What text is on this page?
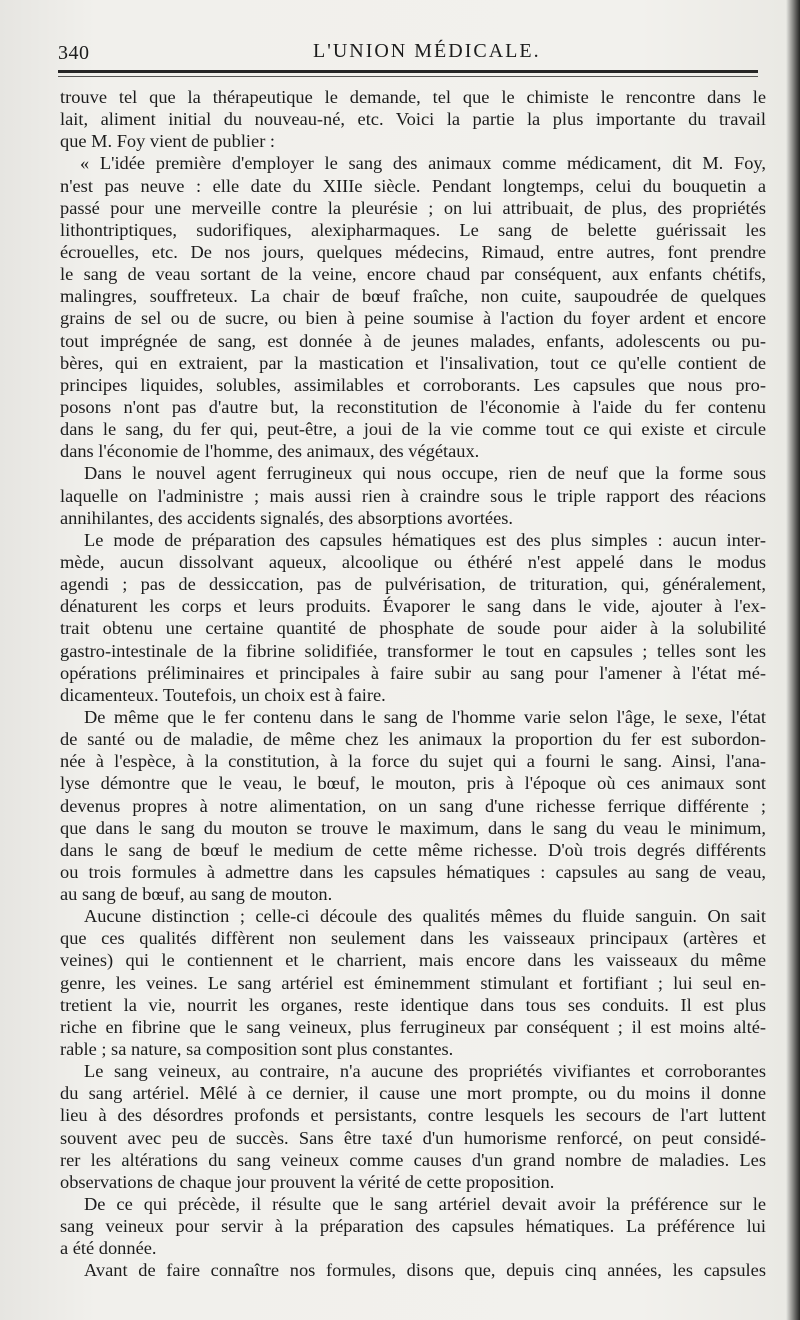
340	L'UNION MÉDICALE.
trouve tel que la thérapeutique le demande, tel que le chimiste le rencontre dans le
lait, aliment initial du nouveau-né, etc. Voici la partie la plus importante du travail
que M. Foy vient de publier :
« L'idée première d'employer le sang des animaux comme médicament, dit M. Foy,
n'est pas neuve : elle date du XIIIe siècle. Pendant longtemps, celui du bouquetin a
passé pour une merveille contre la pleurésie ; on lui attribuait, de plus, des propriétés
lithontriptiques, sudorifiques, alexipharmaques. Le sang de belette guérissait les
écrouelles, etc. De nos jours, quelques médecins, Rimaud, entre autres, font prendre
le sang de veau sortant de la veine, encore chaud par conséquent, aux enfants chétifs,
malingres, souffreteux. La chair de bœuf fraîche, non cuite, saupoudrée de quelques
grains de sel ou de sucre, ou bien à peine soumise à l'action du foyer ardent et encore
tout imprégnée de sang, est donnée à de jeunes malades, enfants, adolescents ou pu-
bères, qui en extraient, par la mastication et l'insalivation, tout ce qu'elle contient de
principes liquides, solubles, assimilables et corroborants. Les capsules que nous pro-
posons n'ont pas d'autre but, la reconstitution de l'économie à l'aide du fer contenu
dans le sang, du fer qui, peut-être, a joui de la vie comme tout ce qui existe et circule
dans l'économie de l'homme, des animaux, des végétaux.
Dans le nouvel agent ferrugineux qui nous occupe, rien de neuf que la forme sous
laquelle on l'administre ; mais aussi rien à craindre sous le triple rapport des réacions
annihilantes, des accidents signalés, des absorptions avortées.
Le mode de préparation des capsules hématiques est des plus simples : aucun inter-
mède, aucun dissolvant aqueux, alcoolique ou éthéré n'est appelé dans le modus
agendi ; pas de dessiccation, pas de pulvérisation, de trituration, qui, généralement,
dénaturent les corps et leurs produits. Évaporer le sang dans le vide, ajouter à l'ex-
trait obtenu une certaine quantité de phosphate de soude pour aider à la solubilité
gastro-intestinale de la fibrine solidifiée, transformer le tout en capsules ; telles sont les
opérations préliminaires et principales à faire subir au sang pour l'amener à l'état mé-
dicamenteux. Toutefois, un choix est à faire.
De même que le fer contenu dans le sang de l'homme varie selon l'âge, le sexe, l'état
de santé ou de maladie, de même chez les animaux la proportion du fer est subordon-
née à l'espèce, à la constitution, à la force du sujet qui a fourni le sang. Ainsi, l'ana-
lyse démontre que le veau, le bœuf, le mouton, pris à l'époque où ces animaux sont
devenus propres à notre alimentation, on un sang d'une richesse ferrique différente ;
que dans le sang du mouton se trouve le maximum, dans le sang du veau le minimum,
dans le sang de bœuf le medium de cette même richesse. D'où trois degrés différents
ou trois formules à admettre dans les capsules hématiques : capsules au sang de veau,
au sang de bœuf, au sang de mouton.
Aucune distinction ; celle-ci découle des qualités mêmes du fluide sanguin. On sait
que ces qualités diffèrent non seulement dans les vaisseaux principaux (artères et
veines) qui le contiennent et le charrient, mais encore dans les vaisseaux du même
genre, les veines. Le sang artériel est éminemment stimulant et fortifiant ; lui seul en-
tretient la vie, nourrit les organes, reste identique dans tous ses conduits. Il est plus
riche en fibrine que le sang veineux, plus ferrugineux par conséquent ; il est moins alté-
rable ; sa nature, sa composition sont plus constantes.
Le sang veineux, au contraire, n'a aucune des propriétés vivifiantes et corroborantes
du sang artériel. Mêlé à ce dernier, il cause une mort prompte, ou du moins il donne
lieu à des désordres profonds et persistants, contre lesquels les secours de l'art luttent
souvent avec peu de succès. Sans être taxé d'un humorisme renforcé, on peut considé-
rer les altérations du sang veineux comme causes d'un grand nombre de maladies. Les
observations de chaque jour prouvent la vérité de cette proposition.
De ce qui précède, il résulte que le sang artériel devait avoir la préférence sur le
sang veineux pour servir à la préparation des capsules hématiques. La préférence lui
a été donnée.
Avant de faire connaître nos formules, disons que, depuis cinq années, les capsules
